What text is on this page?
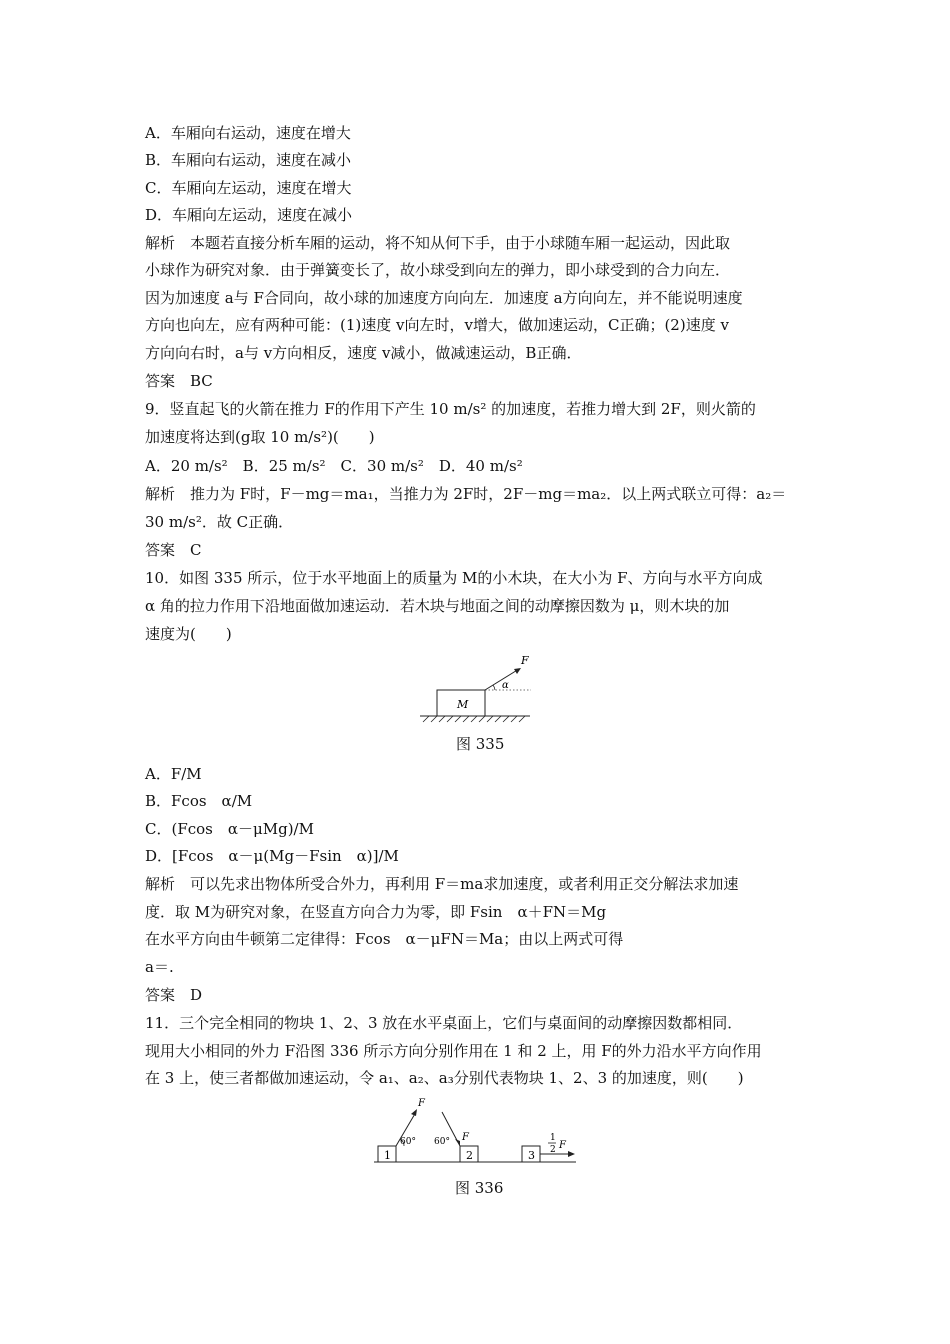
A．车厢向右运动，速度在增大
B．车厢向右运动，速度在减小
C．车厢向左运动，速度在增大
D．车厢向左运动，速度在减小
解析　本题若直接分析车厢的运动，将不知从何下手，由于小球随车厢一起运动，因此取
小球作为研究对象．由于弹簧变长了，故小球受到向左的弹力，即小球受到的合力向左．
因为加速度 a与 F合同向，故小球的加速度方向向左．加速度 a方向向左，并不能说明速度
方向也向左，应有两种可能：(1)速度 v向左时，v增大，做加速运动，C正确；(2)速度 v
方向向右时，a与 v方向相反，速度 v减小，做减速运动，B正确．
答案　BC
9．竖直起飞的火箭在推力 F的作用下产生 10 m/s² 的加速度，若推力增大到 2F，则火箭的
加速度将达到(g取 10 m/s²)(　　)
A．20 m/s²　B．25 m/s²　C．30 m/s²　D．40 m/s²
解析　推力为 F时，F－mg＝ma₁，当推力为 2F时，2F－mg＝ma₂．以上两式联立可得：a₂＝
30 m/s²．故 C正确．
答案　C
10．如图 335 所示，位于水平地面上的质量为 M的小木块，在大小为 F、方向与水平方向成
α 角的拉力作用下沿地面做加速运动．若木块与地面之间的动摩擦因数为 μ，则木块的加
速度为(　　)
M
F
α
图 335
A．F/M
B．Fcos　α/M
C．(Fcos　α－μMg)/M
D．[Fcos　α－μ(Mg－Fsin　α)]/M
解析　可以先求出物体所受合外力，再利用 F＝ma求加速度，或者利用正交分解法求加速
度．取 M为研究对象，在竖直方向合力为零，即 Fsin　α＋FN＝Mg
在水平方向由牛顿第二定律得：Fcos　α－μFN＝Ma；由以上两式可得
a＝.
答案　D
11．三个完全相同的物块 1、2、3 放在水平桌面上，它们与桌面间的动摩擦因数都相同．
现用大小相同的外力 F沿图 336 所示方向分别作用在 1 和 2 上，用 F的外力沿水平方向作用
在 3 上，使三者都做加速运动，令 a₁、a₂、a₃分别代表物块 1、2、3 的加速度，则(　　)
1
F
60°
2
60° F
3
1
2 F
图 336
